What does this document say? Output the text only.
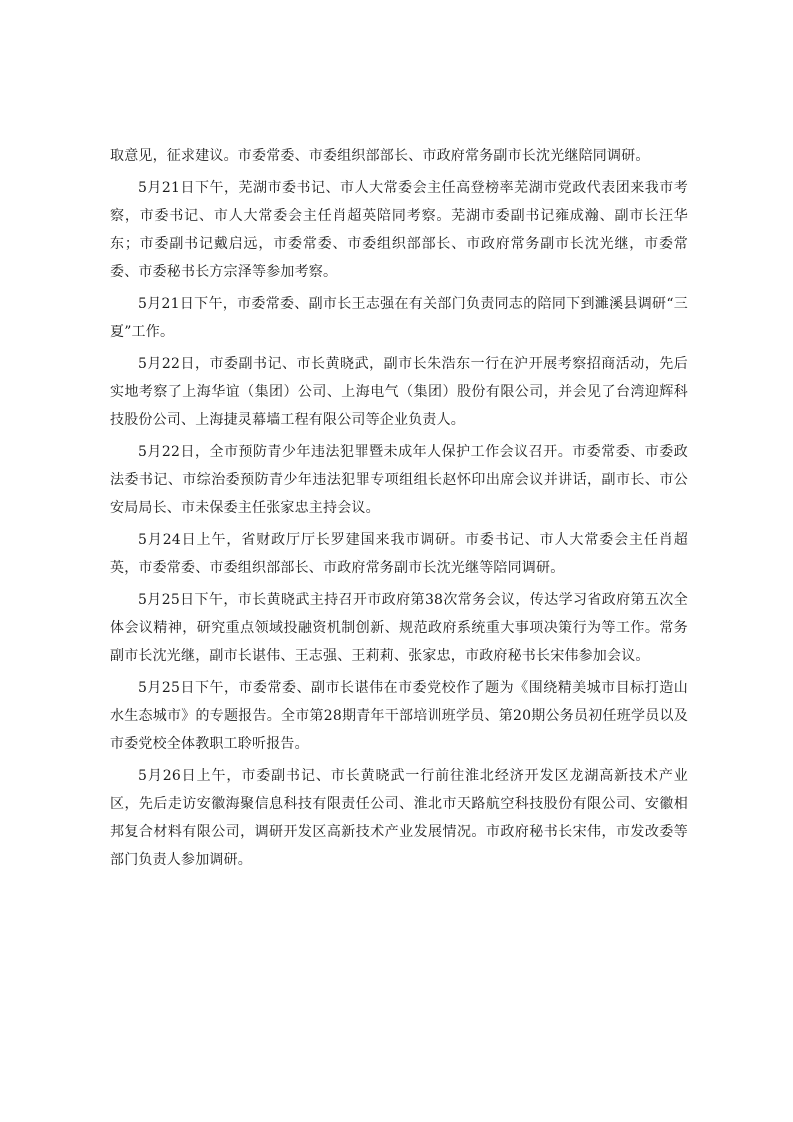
取意见，征求建议。市委常委、市委组织部部长、市政府常务副市长沈光继陪同调研。

5月21日下午，芜湖市委书记、市人大常委会主任高登榜率芜湖市党政代表团来我市考察，市委书记、市人大常委会主任肖超英陪同考察。芜湖市委副书记雍成瀚、副市长汪华东；市委副书记戴启远，市委常委、市委组织部部长、市政府常务副市长沈光继，市委常委、市委秘书长方宗泽等参加考察。

5月21日下午，市委常委、副市长王志强在有关部门负责同志的陪同下到濉溪县调研“三夏”工作。

5月22日，市委副书记、市长黄晓武，副市长朱浩东一行在沪开展考察招商活动，先后实地考察了上海华谊（集团）公司、上海电气（集团）股份有限公司，并会见了台湾迎辉科技股份公司、上海捷灵幕墙工程有限公司等企业负责人。

5月22日，全市预防青少年违法犯罪暨未成年人保护工作会议召开。市委常委、市委政法委书记、市综治委预防青少年违法犯罪专项组组长赵怀印出席会议并讲话，副市长、市公安局局长、市未保委主任张家忠主持会议。

5月24日上午，省财政厅厅长罗建国来我市调研。市委书记、市人大常委会主任肖超英，市委常委、市委组织部部长、市政府常务副市长沈光继等陪同调研。

5月25日下午，市长黄晓武主持召开市政府第38次常务会议，传达学习省政府第五次全体会议精神，研究重点领域投融资机制创新、规范政府系统重大事项决策行为等工作。常务副市长沈光继，副市长谌伟、王志强、王莉莉、张家忠，市政府秘书长宋伟参加会议。

5月25日下午，市委常委、副市长谌伟在市委党校作了题为《围绕精美城市目标打造山水生态城市》的专题报告。全市第28期青年干部培训班学员、第20期公务员初任班学员以及市委党校全体教职工聆听报告。

5月26日上午，市委副书记、市长黄晓武一行前往淮北经济开发区龙湖高新技术产业区，先后走访安徽海聚信息科技有限责任公司、淮北市天路航空科技股份有限公司、安徽相邦复合材料有限公司，调研开发区高新技术产业发展情况。市政府秘书长宋伟，市发改委等部门负责人参加调研。
